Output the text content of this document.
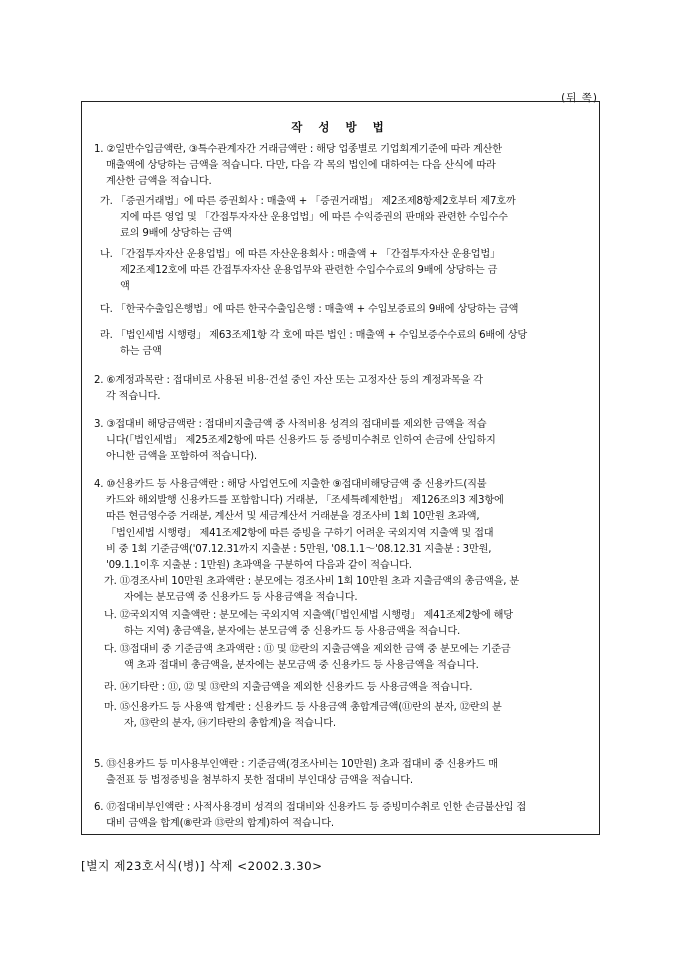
(뒤 쪽)
작 성 방 법
1. ②일반수입금액란, ③특수관계자간 거래금액란 : 해당 업종별로 기업회계기준에 따라 계산한
매출액에 상당하는 금액을 적습니다. 다만, 다음 각 목의 법인에 대하여는 다음 산식에 따라
계산한 금액을 적습니다.
가. 「증권거래법」에 따른 증권회사 : 매출액 + 「증권거래법」 제2조제8항제2호부터 제7호까
지에 따른 영업 및 「간접투자자산 운용업법」에 따른 수익증권의 판매와 관련한 수입수수
료의 9배에 상당하는 금액
나. 「간접투자자산 운용업법」에 따른 자산운용회사 : 매출액 + 「간접투자자산 운용업법」
제2조제12호에 따른 간접투자자산 운용업무와 관련한 수입수수료의 9배에 상당하는 금
액
다. 「한국수출입은행법」에 따른 한국수출입은행 : 매출액 + 수입보증료의 9배에 상당하는 금액
라. 「법인세법 시행령」 제63조제1항 각 호에 따른 법인 : 매출액 + 수입보증수수료의 6배에 상당
하는 금액
2. ⑥계정과목란 : 접대비로 사용된 비용·건설 중인 자산 또는 고정자산 등의 계정과목을 각
각 적습니다.
3. ③접대비 해당금액란 : 접대비지출금액 중 사적비용 성격의 접대비를 제외한 금액을 적습
니다(「법인세법」 제25조제2항에 따른 신용카드 등 증빙미수취로 인하여 손금에 산입하지
아니한 금액을 포함하여 적습니다).
4. ⑩신용카드 등 사용금액란 : 해당 사업연도에 지출한 ⑨접대비해당금액 중 신용카드(직불
카드와 해외발행 신용카드를 포함합니다) 거래분, 「조세특례제한법」 제126조의3 제3항에
따른 현금영수증 거래분, 계산서 및 세금계산서 거래분을 경조사비 1회 10만원 초과액,
「법인세법 시행령」 제41조제2항에 따른 증빙을 구하기 어려운 국외지역 지출액 및 접대
비 중 1회 기준금액('07.12.31까지 지출분 : 5만원, '08.1.1～'08.12.31 지출분 : 3만원,
'09.1.1이후 지출분 : 1만원) 초과액을 구분하여 다음과 같이 적습니다.
가. ⑪경조사비 10만원 초과액란 : 분모에는 경조사비 1회 10만원 초과 지출금액의 총금액을, 분
자에는 분모금액 중 신용카드 등 사용금액을 적습니다.
나. ⑫국외지역 지출액란 : 분모에는 국외지역 지출액(「법인세법 시행령」 제41조제2항에 해당
하는 지역) 총금액을, 분자에는 분모금액 중 신용카드 등 사용금액을 적습니다.
다. ⑬접대비 중 기준금액 초과액란 : ⑪ 및 ⑫란의 지출금액을 제외한 금액 중 분모에는 기준금
액 초과 접대비 총금액을, 분자에는 분모금액 중 신용카드 등 사용금액을 적습니다.
라. ⑭기타란 : ⑪, ⑫ 및 ⑬란의 지출금액을 제외한 신용카드 등 사용금액을 적습니다.
마. ⑮신용카드 등 사용액 합계란 : 신용카드 등 사용금액 총합계금액(⑪란의 분자, ⑫란의 분
자, ⑬란의 분자, ⑭기타란의 총합계)을 적습니다.
5. ⑬신용카드 등 미사용부인액란 : 기준금액(경조사비는 10만원) 초과 접대비 중 신용카드 매
출전표 등 법정증빙을 첨부하지 못한 접대비 부인대상 금액을 적습니다.
6. ⑰접대비부인액란 : 사적사용경비 성격의 접대비와 신용카드 등 증빙미수취로 인한 손금불산입 접
대비 금액을 합계(⑧란과 ⑬란의 합계)하여 적습니다.
[별지 제23호서식(병)] 삭제 <2002.3.30>
